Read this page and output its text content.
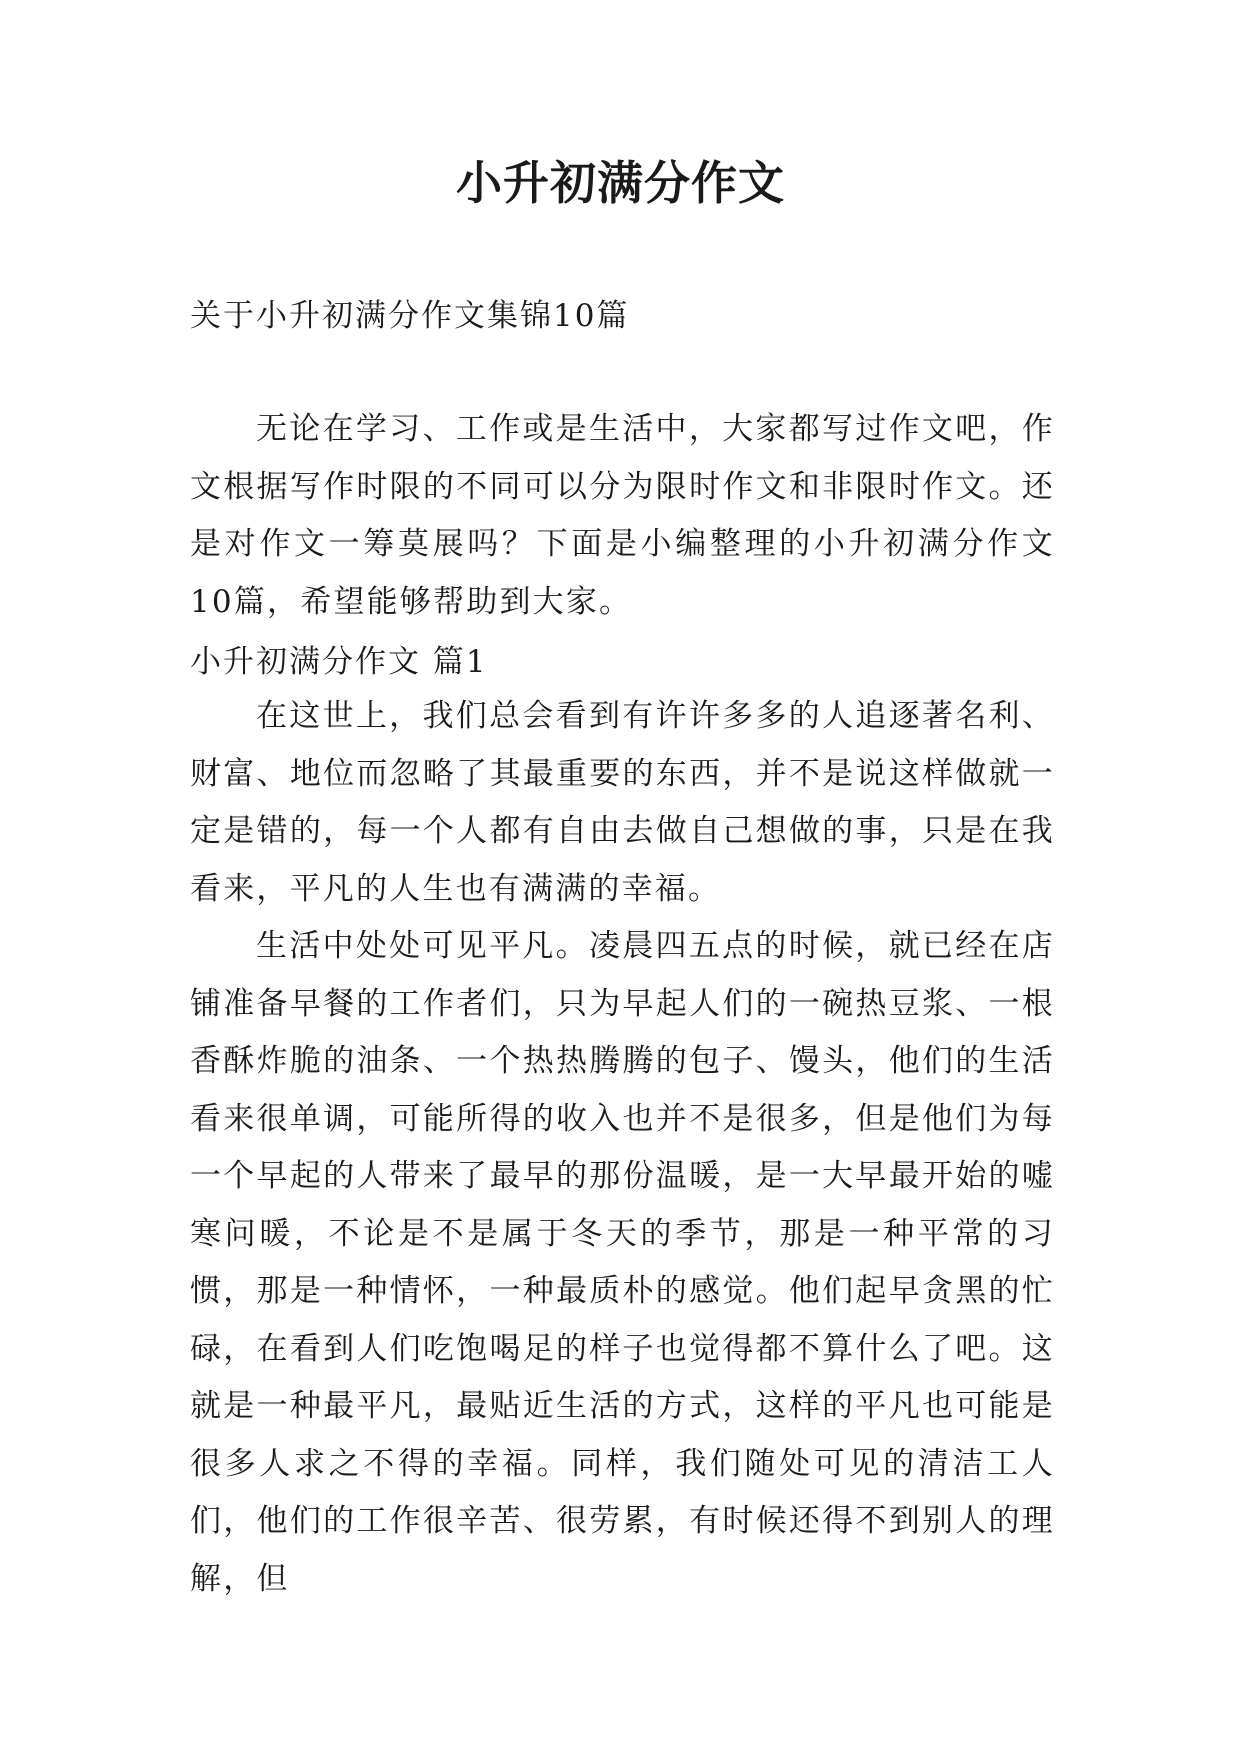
小升初满分作文

关于小升初满分作文集锦10篇

无论在学习、工作或是生活中，大家都写过作文吧，作文根据写作时限的不同可以分为限时作文和非限时作文。还是对作文一筹莫展吗？下面是小编整理的小升初满分作文10篇，希望能够帮助到大家。

小升初满分作文 篇1

在这世上，我们总会看到有许许多多的人追逐著名利、财富、地位而忽略了其最重要的东西，并不是说这样做就一定是错的，每一个人都有自由去做自己想做的事，只是在我看来，平凡的人生也有满满的幸福。

生活中处处可见平凡。凌晨四五点的时候，就已经在店铺准备早餐的工作者们，只为早起人们的一碗热豆浆、一根香酥炸脆的油条、一个热热腾腾的包子、馒头，他们的生活看来很单调，可能所得的收入也并不是很多，但是他们为每一个早起的人带来了最早的那份温暖，是一大早最开始的嘘寒问暖，不论是不是属于冬天的季节，那是一种平常的习惯，那是一种情怀，一种最质朴的感觉。他们起早贪黑的忙碌，在看到人们吃饱喝足的样子也觉得都不算什么了吧。这就是一种最平凡，最贴近生活的方式，这样的平凡也可能是很多人求之不得的幸福。同样，我们随处可见的清洁工人们，他们的工作很辛苦、很劳累，有时候还得不到别人的理解，但
